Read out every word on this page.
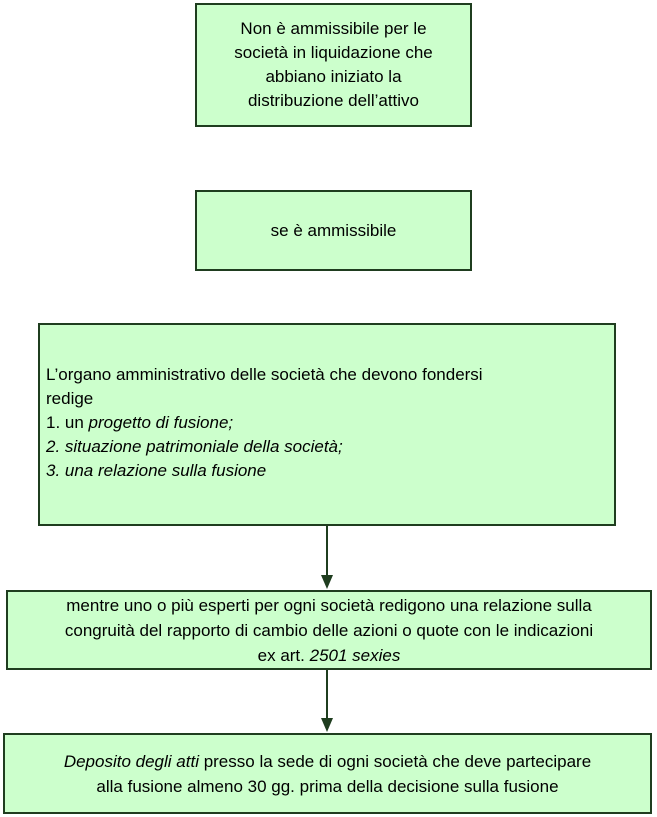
Non è ammissibile per le
società in liquidazione che
abbiano iniziato la
distribuzione dell’attivo
se è ammissibile
L’organo amministrativo delle società che devono fondersi
redige
1. un progetto di fusione;
2. situazione patrimoniale della società;
3. una relazione sulla fusione
mentre uno o più esperti per ogni società redigono una relazione sulla
congruità del rapporto di cambio delle azioni o quote con le indicazioni
ex art. 2501 sexies
Deposito degli atti presso la sede di ogni società che deve partecipare
alla fusione almeno 30 gg. prima della decisione sulla fusione
